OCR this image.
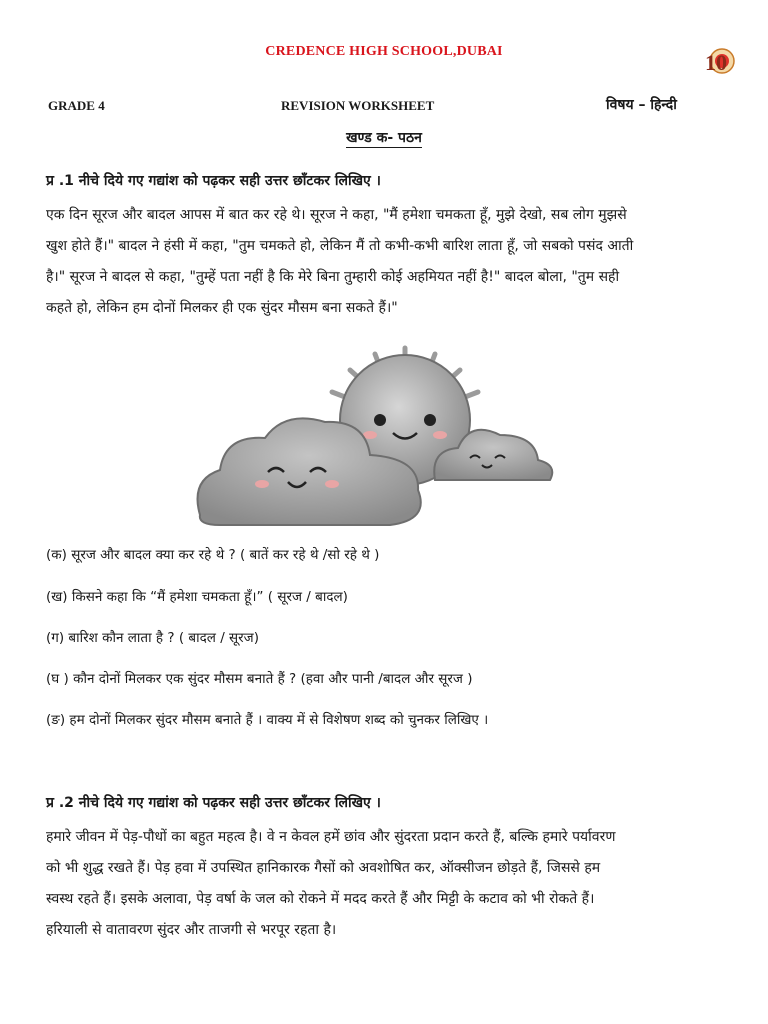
CREDENCE HIGH SCHOOL,DUBAI	10
GRADE 4	REVISION WORKSHEET	विषय – हिन्दी
खण्ड क- पठन
प्र .1 नीचे दिये गए गद्यांश को पढ़कर सही उत्तर छाँटकर लिखिए ।
एक दिन सूरज और बादल आपस में बात कर रहे थे। सूरज ने कहा, "मैं हमेशा चमकता हूँ, मुझे देखो, सब लोग मुझसे
खुश होते हैं।" बादल ने हंसी में कहा, "तुम चमकते हो, लेकिन मैं तो कभी-कभी बारिश लाता हूँ, जो सबको पसंद आती
है।" सूरज ने बादल से कहा, "तुम्हें पता नहीं है कि मेरे बिना तुम्हारी कोई अहमियत नहीं है!" बादल बोला, "तुम सही
कहते हो, लेकिन हम दोनों मिलकर ही एक सुंदर मौसम बना सकते हैं।"
(क) सूरज और बादल क्या कर रहे थे ? ( बातें कर रहे थे /सो रहे थे )
(ख) किसने कहा कि “मैं हमेशा चमकता हूँ।” ( सूरज / बादल)
(ग) बारिश कौन लाता है ? ( बादल / सूरज)
(घ ) कौन दोनों मिलकर एक सुंदर मौसम बनाते हैं ? (हवा और पानी /बादल और सूरज )
(ङ) हम दोनों मिलकर सुंदर मौसम बनाते हैं । वाक्य में से विशेषण शब्द को चुनकर लिखिए ।
प्र .2 नीचे दिये गए गद्यांश को पढ़कर सही उत्तर छाँटकर लिखिए ।
हमारे जीवन में पेड़-पौधों का बहुत महत्व है। वे न केवल हमें छांव और सुंदरता प्रदान करते हैं, बल्कि हमारे पर्यावरण
को भी शुद्ध रखते हैं। पेड़ हवा में उपस्थित हानिकारक गैसों को अवशोषित कर, ऑक्सीजन छोड़ते हैं, जिससे हम
स्वस्थ रहते हैं। इसके अलावा, पेड़ वर्षा के जल को रोकने में मदद करते हैं और मिट्टी के कटाव को भी रोकते हैं।
हरियाली से वातावरण सुंदर और ताजगी से भरपूर रहता है।
